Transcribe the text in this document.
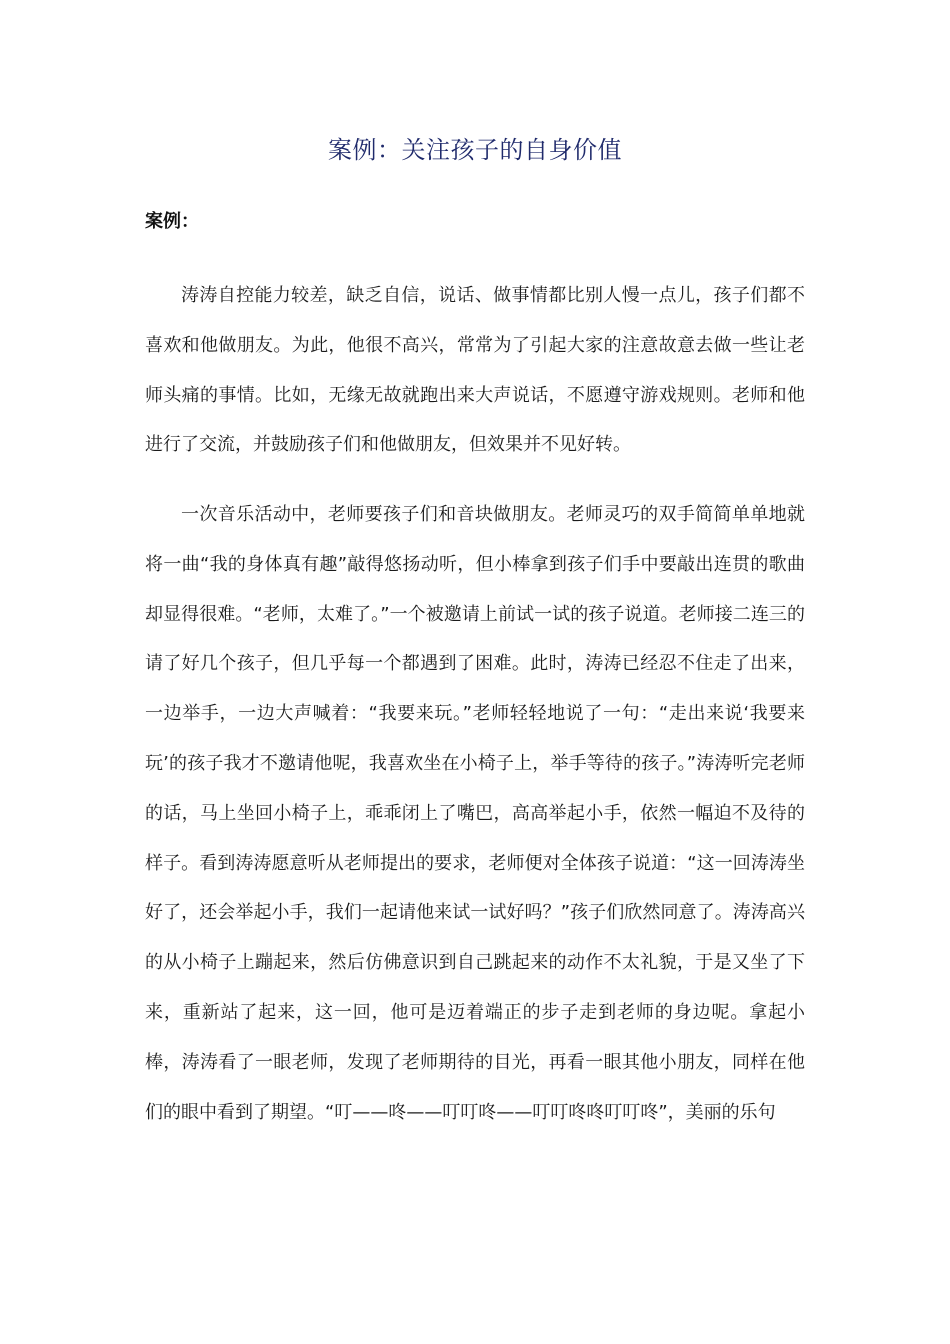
案例：关注孩子的自身价值
案例：

涛涛自控能力较差，缺乏自信，说话、做事情都比别人慢一点儿，孩子们都不喜欢和他做朋友。为此，他很不高兴，常常为了引起大家的注意故意去做一些让老师头痛的事情。比如，无缘无故就跑出来大声说话，不愿遵守游戏规则。老师和他进行了交流，并鼓励孩子们和他做朋友，但效果并不见好转。

一次音乐活动中，老师要孩子们和音块做朋友。老师灵巧的双手简简单单地就将一曲“我的身体真有趣”敲得悠扬动听，但小棒拿到孩子们手中要敲出连贯的歌曲却显得很难。“老师，太难了。”一个被邀请上前试一试的孩子说道。老师接二连三的请了好几个孩子，但几乎每一个都遇到了困难。此时，涛涛已经忍不住走了出来，一边举手，一边大声喊着：“我要来玩。”老师轻轻地说了一句：“走出来说‘我要来玩’的孩子我才不邀请他呢，我喜欢坐在小椅子上，举手等待的孩子。”涛涛听完老师的话，马上坐回小椅子上，乖乖闭上了嘴巴，高高举起小手，依然一幅迫不及待的样子。看到涛涛愿意听从老师提出的要求，老师便对全体孩子说道：“这一回涛涛坐好了，还会举起小手，我们一起请他来试一试好吗？”孩子们欣然同意了。涛涛高兴的从小椅子上蹦起来，然后仿佛意识到自己跳起来的动作不太礼貌，于是又坐了下来，重新站了起来，这一回，他可是迈着端正的步子走到老师的身边呢。拿起小棒，涛涛看了一眼老师，发现了老师期待的目光，再看一眼其他小朋友，同样在他们的眼中看到了期望。“叮——咚——叮叮咚——叮叮咚咚叮叮咚”，美丽的乐句
